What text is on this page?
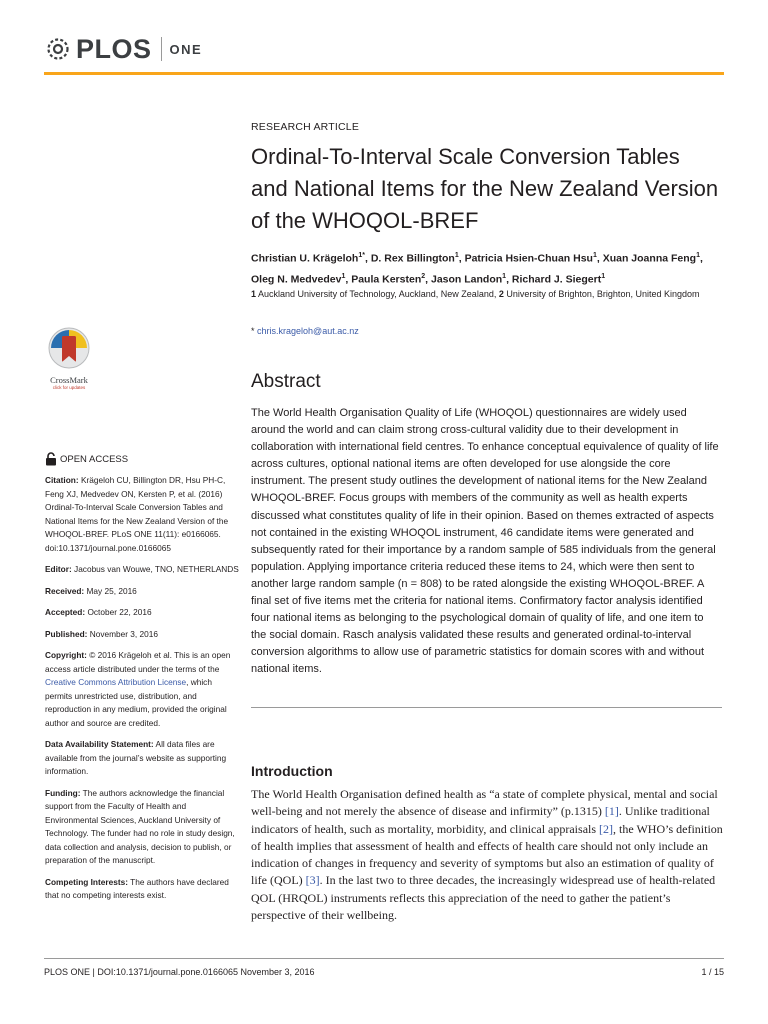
PLOS ONE
RESEARCH ARTICLE
Ordinal-To-Interval Scale Conversion Tables and National Items for the New Zealand Version of the WHOQOL-BREF
Christian U. Krägeloh$^{1*}$, D. Rex Billington$^1$, Patricia Hsien-Chuan Hsu$^1$, Xuan Joanna Feng$^1$, Oleg N. Medvedev$^1$, Paula Kersten$^2$, Jason Landon$^1$, Richard J. Siegert$^1$
1 Auckland University of Technology, Auckland, New Zealand, 2 University of Brighton, Brighton, United Kingdom
* chris.krageloh@aut.ac.nz
Abstract

The World Health Organisation Quality of Life (WHOQOL) questionnaires are widely used around the world and can claim strong cross-cultural validity due to their development in collaboration with international field centres. To enhance conceptual equivalence of quality of life across cultures, optional national items are often developed for use alongside the core instrument. The present study outlines the development of national items for the New Zealand WHOQOL-BREF. Focus groups with members of the community as well as health experts discussed what constitutes quality of life in their opinion. Based on themes extracted of aspects not contained in the existing WHOQOL instrument, 46 candidate items were generated and subsequently rated for their importance by a random sample of 585 individuals from the general population. Applying importance criteria reduced these items to 24, which were then sent to another large random sample (n = 808) to be rated alongside the existing WHOQOL-BREF. A final set of five items met the criteria for national items. Confirmatory factor analysis identified four national items as belonging to the psychological domain of quality of life, and one item to the social domain. Rasch analysis validated these results and generated ordinal-to-interval conversion algorithms to allow use of parametric statistics for domain scores with and without national items.

Introduction

The World Health Organisation defined health as “a state of complete physical, mental and social well-being and not merely the absence of disease and infirmity” (p.1315) [1]. Unlike traditional indicators of health, such as mortality, morbidity, and clinical appraisals [2], the WHO’s definition of health implies that assessment of health and effects of health care should not only include an indication of changes in frequency and severity of symptoms but also an estimation of quality of life (QOL) [3]. In the last two to three decades, the increasingly widespread use of health-related QOL (HRQOL) instruments reflects this appreciation of the need to gather the patient’s perspective of their wellbeing.

CrossMark
click for updates
OPEN ACCESS

Citation: Krägeloh CU, Billington DR, Hsu PH-C, Feng XJ, Medvedev ON, Kersten P, et al. (2016) Ordinal-To-Interval Scale Conversion Tables and National Items for the New Zealand Version of the WHOQOL-BREF. PLoS ONE 11(11): e0166065. doi:10.1371/journal.pone.0166065

Editor: Jacobus van Wouwe, TNO, NETHERLANDS

Received: May 25, 2016

Accepted: October 22, 2016

Published: November 3, 2016

Copyright: © 2016 Krägeloh et al. This is an open access article distributed under the terms of the Creative Commons Attribution License, which permits unrestricted use, distribution, and reproduction in any medium, provided the original author and source are credited.

Data Availability Statement: All data files are available from the journal’s website as supporting information.

Funding: The authors acknowledge the financial support from the Faculty of Health and Environmental Sciences, Auckland University of Technology. The funder had no role in study design, data collection and analysis, decision to publish, or preparation of the manuscript.

Competing Interests: The authors have declared that no competing interests exist.

PLOS ONE | DOI:10.1371/journal.pone.0166065 November 3, 2016	1 / 15
